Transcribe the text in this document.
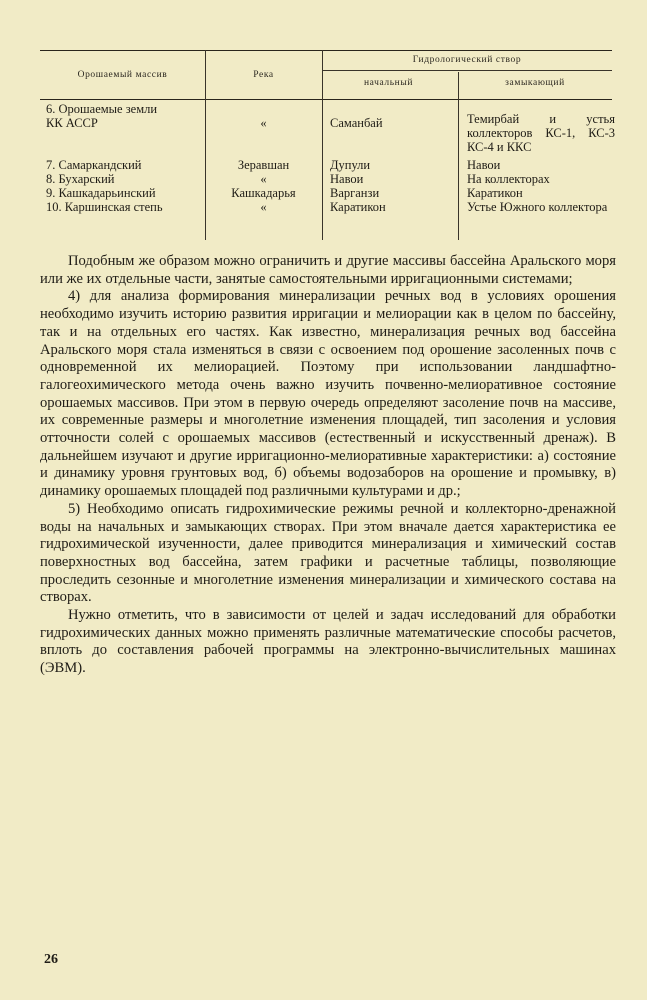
Орошаемый массив	Река
Гидрологический створ
начальный	замыкающий
6. Орошаемые земли КК АССР	«	Саманбай	Темирбай и устья коллекторов КС-1, КС-3 КС-4 и ККС
7. Самаркандский	Зеравшан	Дупули	Навои
8. Бухарский	«	Навои	На коллекторах
9. Кашкадарьинский	Кашкадарья	Варганзи	Каратикон
10. Каршинская степь	«	Каратикон	Устье Южного коллектора

Подобным же образом можно ограничить и другие массивы бассейна Аральского моря или же их отдельные части, занятые самостоятельными ирригационными системами;

4) для анализа формирования минерализации речных вод в условиях орошения необходимо изучить историю развития ирригации и мелиорации как в целом по бассейну, так и на отдельных его частях. Как известно, минерализация речных вод бассейна Аральского моря стала изменяться в связи с освоением под орошение засоленных почв с одновременной их мелиорацией. Поэтому при использовании ландшафтно-галогеохимического метода очень важно изучить почвенно-мелиоративное состояние орошаемых массивов. При этом в первую очередь определяют засоление почв на массиве, их современные размеры и многолетние изменения площадей, тип засоления и условия отточности солей с орошаемых массивов (естественный и искусственный дренаж). В дальнейшем изучают и другие ирригационно-мелиоративные характеристики: а) состояние и динамику уровня грунтовых вод, б) объемы водозаборов на орошение и промывку, в) динамику орошаемых площадей под различными культурами и др.;

5) Необходимо описать гидрохимические режимы речной и коллекторно-дренажной воды на начальных и замыкающих створах. При этом вначале дается характеристика ее гидрохимической изученности, далее приводится минерализация и химический состав поверхностных вод бассейна, затем графики и расчетные таблицы, позволяющие проследить сезонные и многолетние изменения минерализации и химического состава на створах.

Нужно отметить, что в зависимости от целей и задач исследований для обработки гидрохимических данных можно применять различные математические способы расчетов, вплоть до составления рабочей программы на электронно-вычислительных машинах (ЭВМ).

26
